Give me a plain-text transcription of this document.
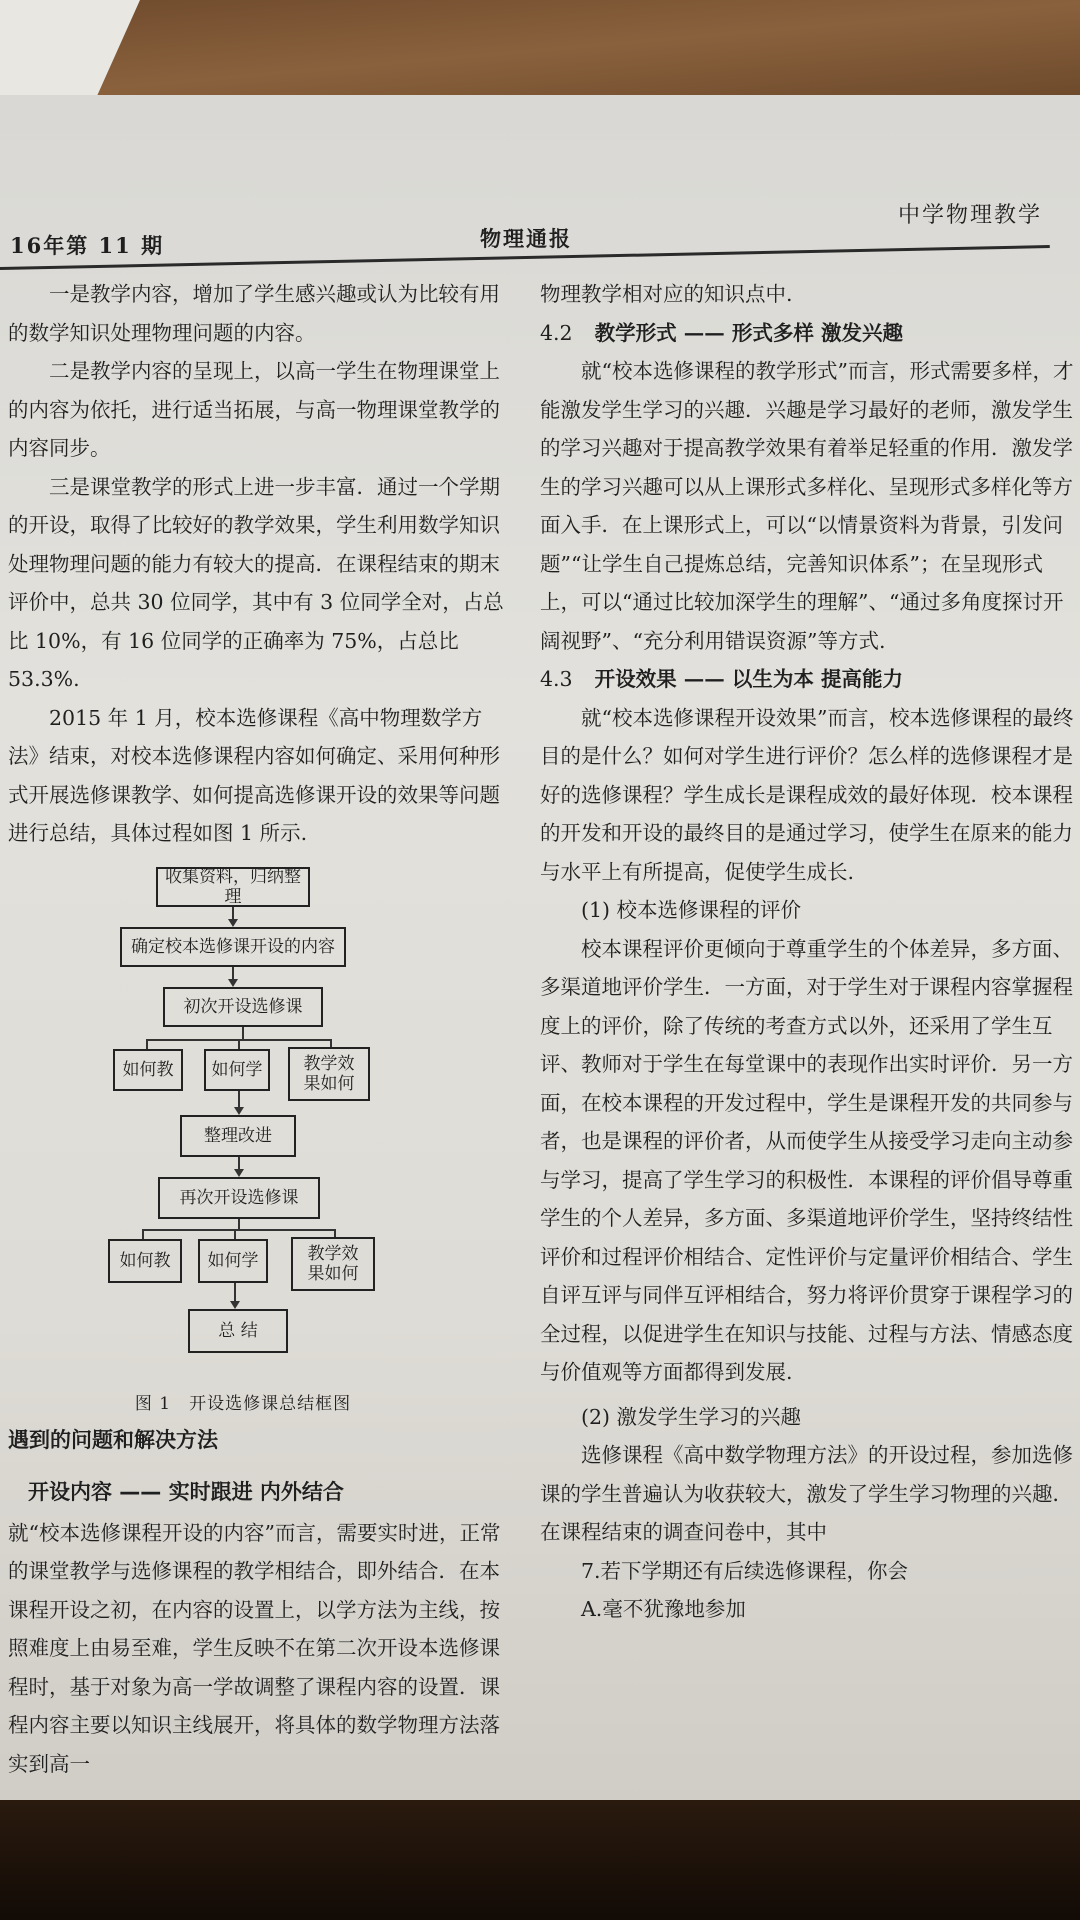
16年第 11 期	物理通报
中学物理教学

一是教学内容，增加了学生感兴趣或认为比较有用的数学知识处理物理问题的内容。

二是教学内容的呈现上，以高一学生在物理课堂上的内容为依托，进行适当拓展，与高一物理课堂教学的内容同步。

三是课堂教学的形式上进一步丰富．通过一个学期的开设，取得了比较好的教学效果，学生利用数学知识处理物理问题的能力有较大的提高．在课程结束的期末评价中，总共 30 位同学，其中有 3 位同学全对，占总比 10%，有 16 位同学的正确率为 75%，占总比 53.3%.

2015 年 1 月，校本选修课程《高中物理数学方法》结束，对校本选修课程内容如何确定、采用何种形式开展选修课教学、如何提高选修课开设的效果等问题进行总结，具体过程如图 1 所示.

收集资料，归纳整理
确定校本选修课开设的内容
初次开设选修课
如何教	如何学	教学效果如何
整理改进
再次开设选修课
如何教	如何学	教学效果如何
总 结
图 1　开设选修课总结框图

遇到的问题和解决方法

开设内容 —— 实时跟进 内外结合

就“校本选修课程开设的内容”而言，需要实时进，正常的课堂教学与选修课程的教学相结合，即外结合．在本课程开设之初，在内容的设置上，以学方法为主线，按照难度上由易至难，学生反映不在第二次开设本选修课程时，基于对象为高一学故调整了课程内容的设置．课程内容主要以知识主线展开，将具体的数学物理方法落实到高一

物理教学相对应的知识点中.

4.2 教学形式 —— 形式多样 激发兴趣

就“校本选修课程的教学形式”而言，形式需要多样，才能激发学生学习的兴趣．兴趣是学习最好的老师，激发学生的学习兴趣对于提高教学效果有着举足轻重的作用．激发学生的学习兴趣可以从上课形式多样化、呈现形式多样化等方面入手．在上课形式上，可以“以情景资料为背景，引发问题”“让学生自己提炼总结，完善知识体系”；在呈现形式上，可以“通过比较加深学生的理解”、“通过多角度探讨开阔视野”、“充分利用错误资源”等方式.

4.3 开设效果 —— 以生为本 提高能力

就“校本选修课程开设效果”而言，校本选修课程的最终目的是什么？如何对学生进行评价？怎么样的选修课程才是好的选修课程？学生成长是课程成效的最好体现．校本课程的开发和开设的最终目的是通过学习，使学生在原来的能力与水平上有所提高，促使学生成长.

(1) 校本选修课程的评价

校本课程评价更倾向于尊重学生的个体差异，多方面、多渠道地评价学生．一方面，对于学生对于课程内容掌握程度上的评价，除了传统的考查方式以外，还采用了学生互评、教师对于学生在每堂课中的表现作出实时评价．另一方面，在校本课程的开发过程中，学生是课程开发的共同参与者，也是课程的评价者，从而使学生从接受学习走向主动参与学习，提高了学生学习的积极性．本课程的评价倡导尊重学生的个人差异，多方面、多渠道地评价学生，坚持终结性评价和过程评价相结合、定性评价与定量评价相结合、学生自评互评与同伴互评相结合，努力将评价贯穿于课程学习的全过程，以促进学生在知识与技能、过程与方法、情感态度与价值观等方面都得到发展.

(2) 激发学生学习的兴趣

选修课程《高中数学物理方法》的开设过程，参加选修课的学生普遍认为收获较大，激发了学生学习物理的兴趣．在课程结束的调查问卷中，其中

7.若下学期还有后续选修课程，你会

A.毫不犹豫地参加
